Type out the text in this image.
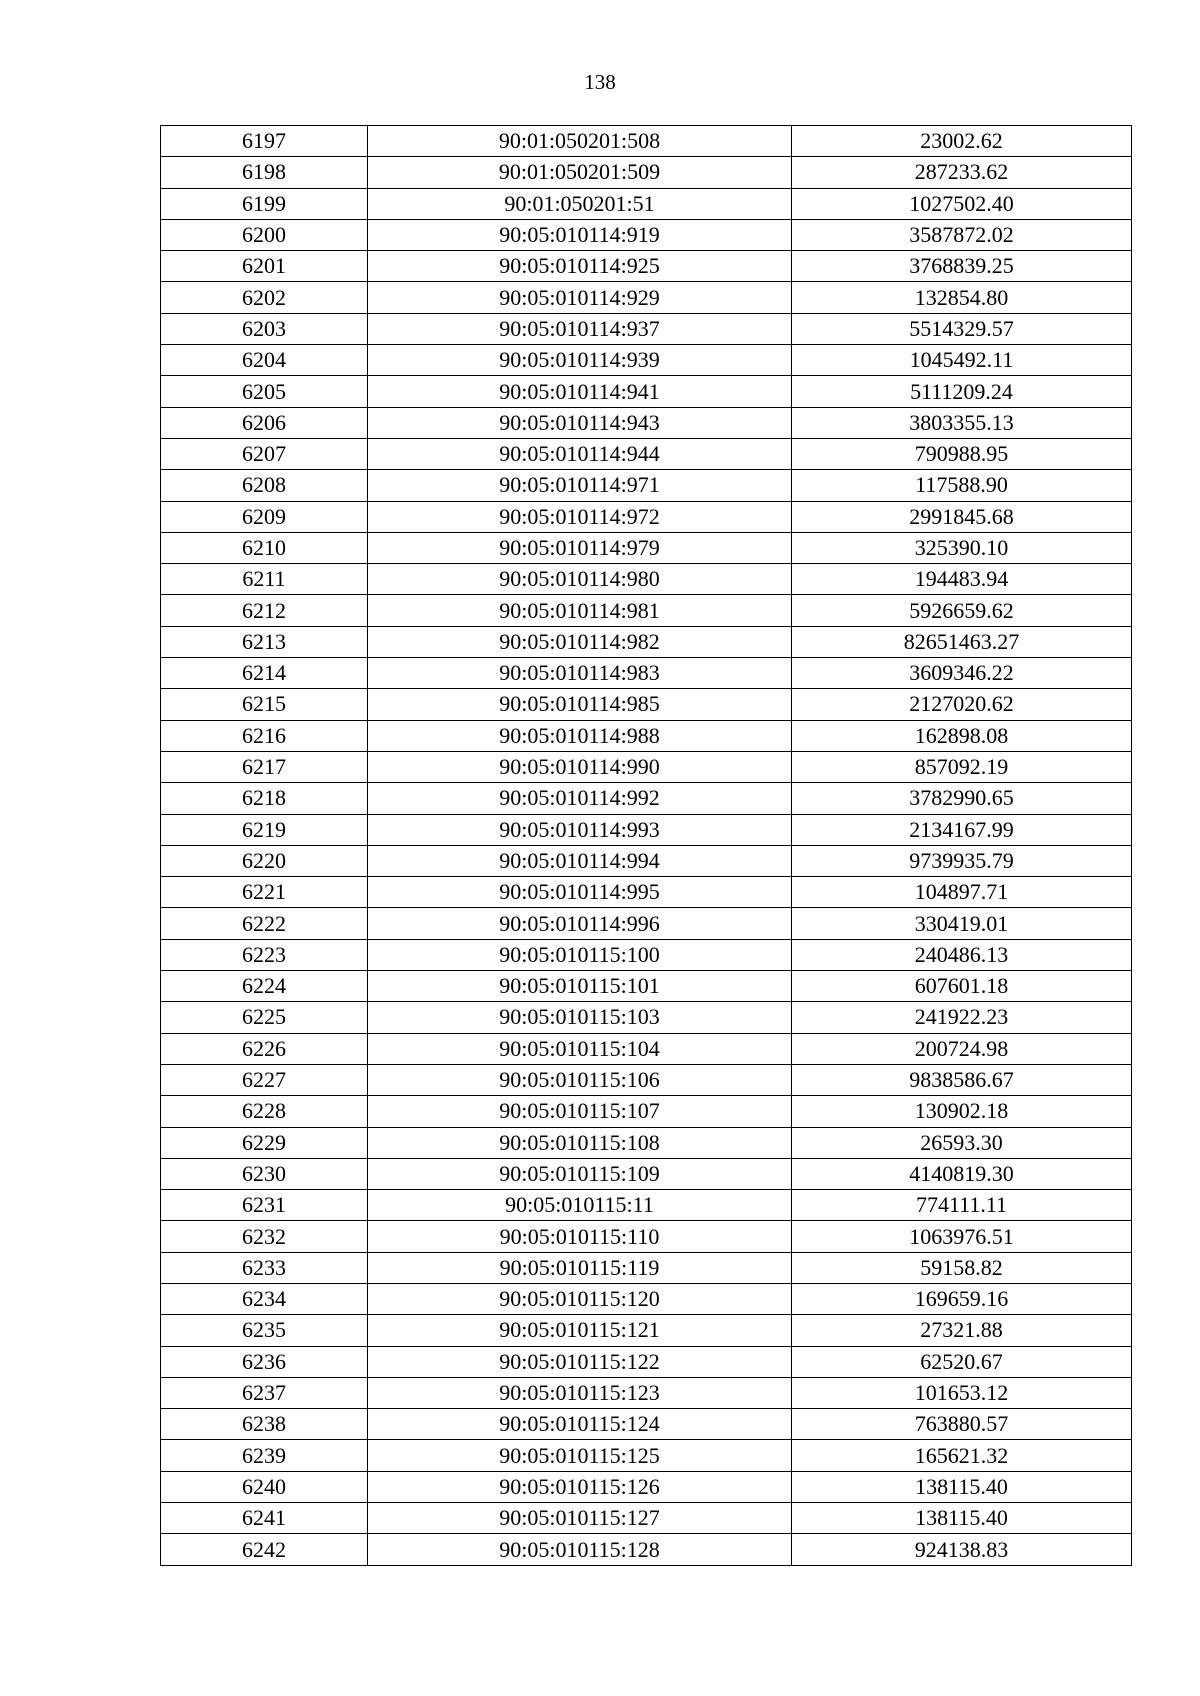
138
6197	90:01:050201:508	23002.62
6198	90:01:050201:509	287233.62
6199	90:01:050201:51	1027502.40
6200	90:05:010114:919	3587872.02
6201	90:05:010114:925	3768839.25
6202	90:05:010114:929	132854.80
6203	90:05:010114:937	5514329.57
6204	90:05:010114:939	1045492.11
6205	90:05:010114:941	5111209.24
6206	90:05:010114:943	3803355.13
6207	90:05:010114:944	790988.95
6208	90:05:010114:971	117588.90
6209	90:05:010114:972	2991845.68
6210	90:05:010114:979	325390.10
6211	90:05:010114:980	194483.94
6212	90:05:010114:981	5926659.62
6213	90:05:010114:982	82651463.27
6214	90:05:010114:983	3609346.22
6215	90:05:010114:985	2127020.62
6216	90:05:010114:988	162898.08
6217	90:05:010114:990	857092.19
6218	90:05:010114:992	3782990.65
6219	90:05:010114:993	2134167.99
6220	90:05:010114:994	9739935.79
6221	90:05:010114:995	104897.71
6222	90:05:010114:996	330419.01
6223	90:05:010115:100	240486.13
6224	90:05:010115:101	607601.18
6225	90:05:010115:103	241922.23
6226	90:05:010115:104	200724.98
6227	90:05:010115:106	9838586.67
6228	90:05:010115:107	130902.18
6229	90:05:010115:108	26593.30
6230	90:05:010115:109	4140819.30
6231	90:05:010115:11	774111.11
6232	90:05:010115:110	1063976.51
6233	90:05:010115:119	59158.82
6234	90:05:010115:120	169659.16
6235	90:05:010115:121	27321.88
6236	90:05:010115:122	62520.67
6237	90:05:010115:123	101653.12
6238	90:05:010115:124	763880.57
6239	90:05:010115:125	165621.32
6240	90:05:010115:126	138115.40
6241	90:05:010115:127	138115.40
6242	90:05:010115:128	924138.83
